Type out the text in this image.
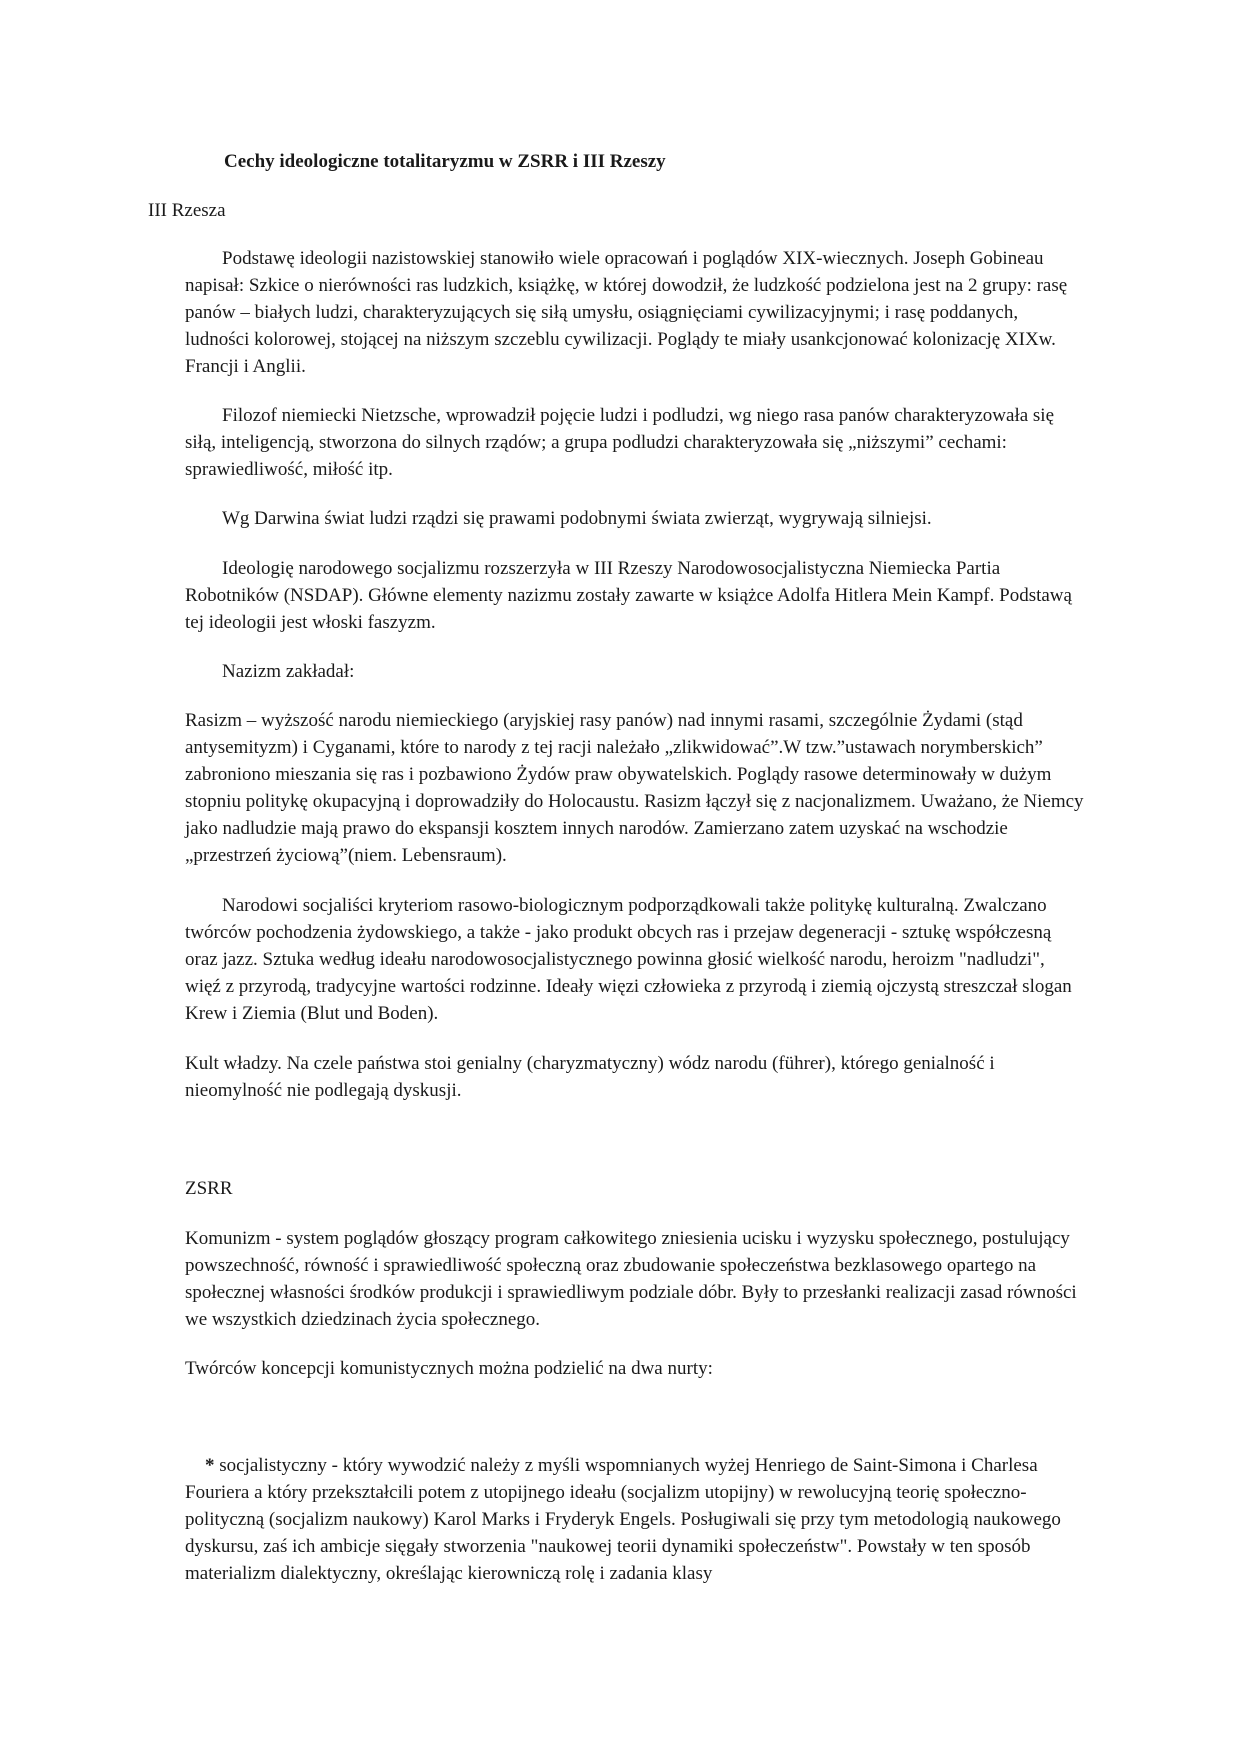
Cechy ideologiczne totalitaryzmu w ZSRR i III Rzeszy

III Rzesza

Podstawę ideologii nazistowskiej stanowiło wiele opracowań i poglądów XIX-wiecznych. Joseph Gobineau napisał: Szkice o nierówności ras ludzkich, książkę, w której dowodził, że ludzkość podzielona jest na 2 grupy: rasę panów – białych ludzi, charakteryzujących się siłą umysłu, osiągnięciami cywilizacyjnymi; i rasę poddanych, ludności kolorowej, stojącej na niższym szczeblu cywilizacji. Poglądy te miały usankcjonować kolonizację XIXw. Francji i Anglii.

Filozof niemiecki Nietzsche, wprowadził pojęcie ludzi i podludzi, wg niego rasa panów charakteryzowała się siłą, inteligencją, stworzona do silnych rządów; a grupa podludzi charakteryzowała się „niższymi” cechami: sprawiedliwość, miłość itp.

Wg Darwina świat ludzi rządzi się prawami podobnymi świata zwierząt, wygrywają silniejsi.

Ideologię narodowego socjalizmu rozszerzyła w III Rzeszy Narodowosocjalistyczna Niemiecka Partia Robotników (NSDAP). Główne elementy nazizmu zostały zawarte w książce Adolfa Hitlera Mein Kampf. Podstawą tej ideologii jest włoski faszyzm.

Nazizm zakładał:

Rasizm – wyższość narodu niemieckiego (aryjskiej rasy panów) nad innymi rasami, szczególnie Żydami (stąd antysemityzm) i Cyganami, które to narody z tej racji należało „zlikwidować”.W tzw.”ustawach norymberskich” zabroniono mieszania się ras i pozbawiono Żydów praw obywatelskich. Poglądy rasowe determinowały w dużym stopniu politykę okupacyjną i doprowadziły do Holocaustu. Rasizm łączył się z nacjonalizmem. Uważano, że Niemcy jako nadludzie mają prawo do ekspansji kosztem innych narodów. Zamierzano zatem uzyskać na wschodzie „przestrzeń życiową”(niem. Lebensraum).

Narodowi socjaliści kryteriom rasowo-biologicznym podporządkowali także politykę kulturalną. Zwalczano twórców pochodzenia żydowskiego, a także - jako produkt obcych ras i przejaw degeneracji - sztukę współczesną oraz jazz. Sztuka według ideału narodowosocjalistycznego powinna głosić wielkość narodu, heroizm "nadludzi", więź z przyrodą, tradycyjne wartości rodzinne. Ideały więzi człowieka z przyrodą i ziemią ojczystą streszczał slogan Krew i Ziemia (Blut und Boden).

Kult władzy. Na czele państwa stoi genialny (charyzmatyczny) wódz narodu (führer), którego genialność i nieomylność nie podlegają dyskusji.

ZSRR

Komunizm - system poglądów głoszący program całkowitego zniesienia ucisku i wyzysku społecznego, postulujący powszechność, równość i sprawiedliwość społeczną oraz zbudowanie społeczeństwa bezklasowego opartego na społecznej własności środków produkcji i sprawiedliwym podziale dóbr. Były to przesłanki realizacji zasad równości we wszystkich dziedzinach życia społecznego.

Twórców koncepcji komunistycznych można podzielić na dwa nurty:

* socjalistyczny - który wywodzić należy z myśli wspomnianych wyżej Henriego de Saint-Simona i Charlesa Fouriera a który przekształcili potem z utopijnego ideału (socjalizm utopijny) w rewolucyjną teorię społeczno-polityczną (socjalizm naukowy) Karol Marks i Fryderyk Engels. Posługiwali się przy tym metodologią naukowego dyskursu, zaś ich ambicje sięgały stworzenia "naukowej teorii dynamiki społeczeństw". Powstały w ten sposób materializm dialektyczny, określając kierowniczą rolę i zadania klasy
